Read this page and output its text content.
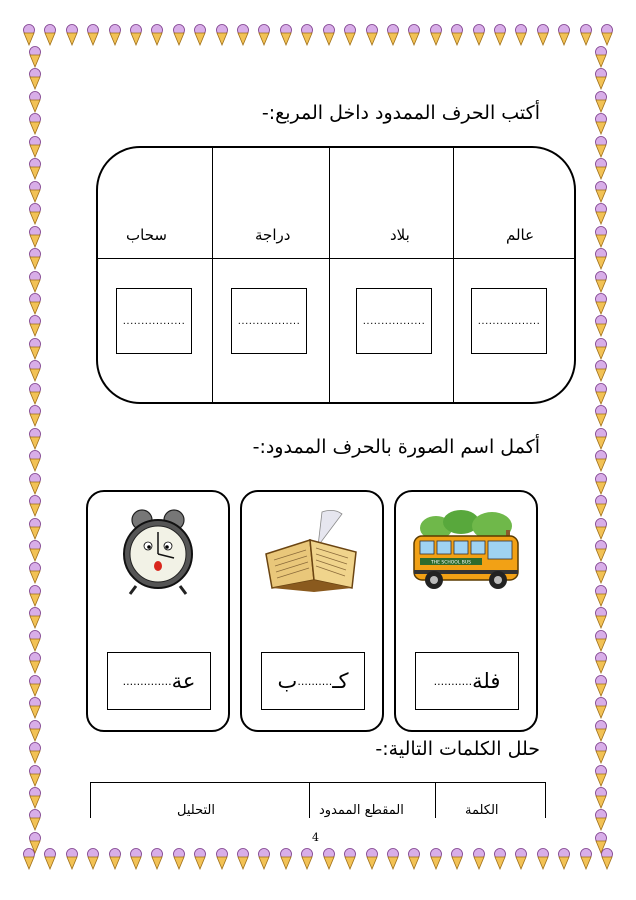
أكتب الحرف الممدود داخل المربع:-
عالم
بلاد
دراجة
سحاب
.................
.................
.................
.................
أكمل اسم الصورة بالحرف الممدود:-
THE SCHOOL BUS
فلة
...........
كـ
..........
ب
عة
..............
حلل الكلمات التالية:-
الكلمة
المقطع الممدود
التحليل
4
